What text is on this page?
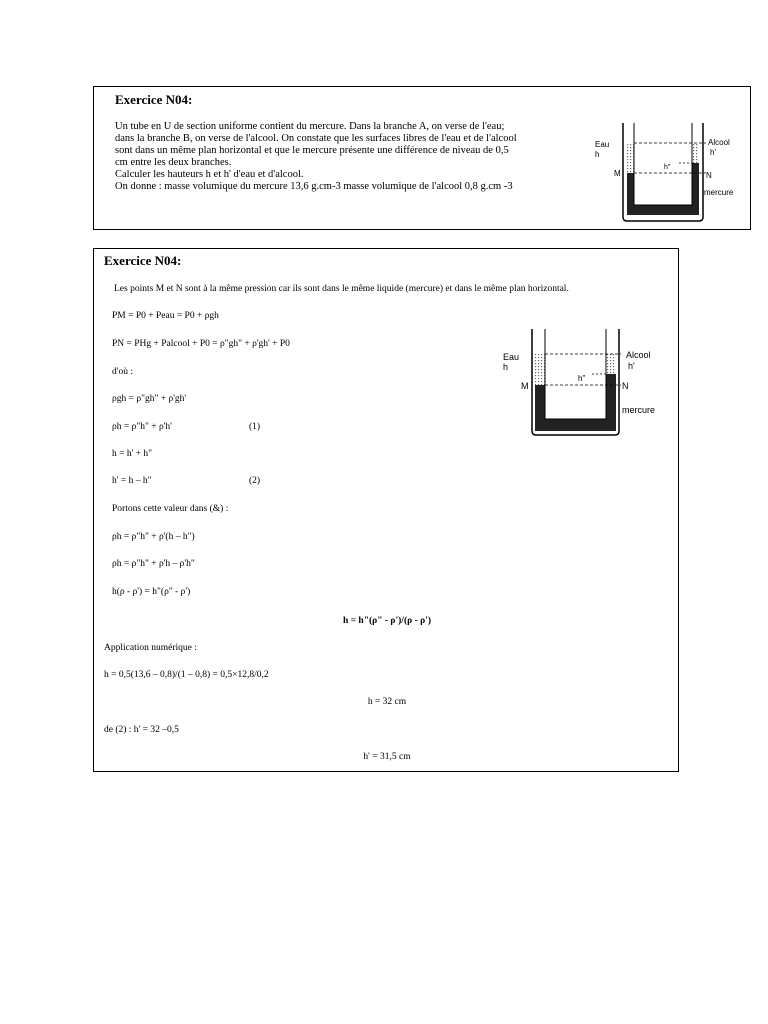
Exercice N04:
Un tube en U de section uniforme contient du mercure. Dans la branche A, on verse de l'eau;
dans la branche B, on verse de l'alcool. On constate que les surfaces libres de l'eau et de l'alcool
sont dans un même plan horizontal et que le mercure présente une différence de niveau de 0,5
cm entre les deux branches.
Calculer les hauteurs h et h' d'eau et d'alcool.
On donne : masse volumique du mercure 13,6 g.cm-3 masse volumique de l'alcool 0,8 g.cm -3
Eau
h
Alcool
h'
h"
M	N
mercure
Exercice N04:
Les points M et N sont à la même pression car ils sont dans le même liquide (mercure) et dans le même plan horizontal.
PM = P0 + Peau = P0 + ρgh
PN = PHg + Palcool + P0 = ρ"gh" + ρ'gh' + P0
d'où :
ρgh = ρ"gh" + ρ'gh'
ρh = ρ"h" + ρ'h'	(1)
h = h' + h"
h' = h – h"	(2)
Portons cette valeur dans (&) :
ρh = ρ"h" + ρ'(h – h")
ρh = ρ"h" + ρ'h – ρ'h"
h(ρ - ρ') = h"(ρ" - ρ')
h = h"(ρ" - ρ')/(ρ - ρ')
Application numérique :
h = 0,5(13,6 – 0,8)/(1 – 0,8) = 0,5×12,8/0,2
h = 32 cm
de (2) : h' = 32 –0,5
h' = 31,5 cm
Eau
h
Alcool
h'
h"
M	N
mercure
